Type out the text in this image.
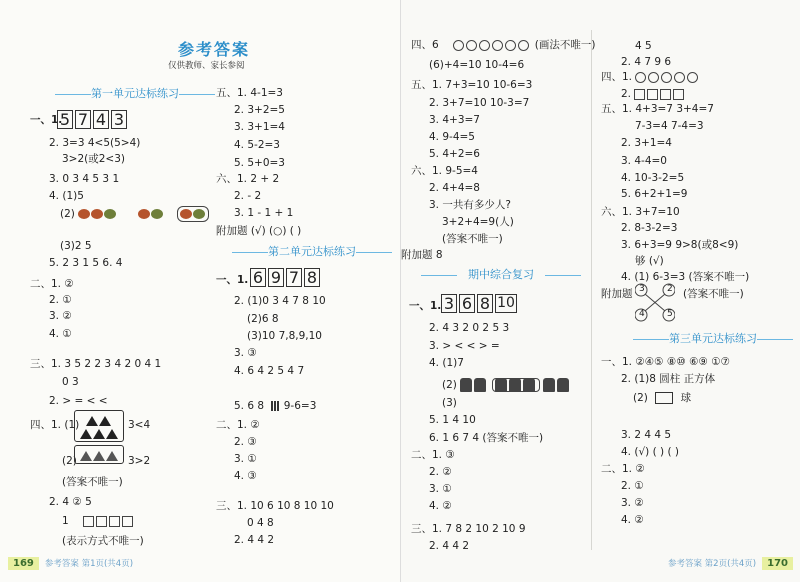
参考答案
仅供教师、家长参阅
第一单元达标练习
一、1.
5 7 4 3
2. 3=3 4<5(5>4)
3>2(或2<3)
3. 0 3 4 5 3 1
4. (1)5
(2)
(3)2 5
5. 2 3 1 5 6. 4
二、1. ②
2. ①
3. ②
4. ①
三、1. 3 5 2 2 3 4 2 0 4 1
0 3
2. > = < <
四、1. (1)	3<4
(2)	3>2
(答案不唯一)
2. 4 ② 5
1
(表示方式不唯一)
五、1. 4-1=3
2. 3+2=5
3. 3+1=4
4. 5-2=3
5. 5+0=3
六、1. 2 + 2
2. - 2
3. 1 - 1 + 1
附加题 (√) (○) ( )
第二单元达标练习
一、1. 6 9 7 8
2. (1)0 3 4 7 8 10
(2)6 8
(3)10 7,8,9,10
3. ③
4. 6 4 2 5 4 7
5. 6 8 9-6=3
二、1. ②
2. ③
3. ①
4. ③
三、1. 10 6 10 8 10 10
0 4 8
2. 4 4 2
169 参考答案 第1页(共4页)
四、6	(画法不唯一)
(6)+4=10 10-4=6
五、1. 7+3=10 10-6=3
2. 3+7=10 10-3=7
3. 4+3=7
4. 9-4=5
5. 4+2=6
六、1. 9-5=4
2. 4+4=8
3. 一共有多少人?
3+2+4=9(人)
(答案不唯一)
附加题 8
期中综合复习
一、1. 3 6 8 10
2. 4 3 2 0 2 5 3
3. > < < > =
4. (1)7
(2)
(3)
5. 1 4 10
6. 1 6 7 4 (答案不唯一)
二、1. ③
2. ②
3. ①
4. ②
三、1. 7 8 2 10 2 10 9
2. 4 4 2
4 5
2. 4 7 9 6
四、1.
2.
五、1. 4+3=7 3+4=7
7-3=4 7-4=3
2. 3+1=4
3. 4-4=0
4. 10-3-2=5
5. 6+2+1=9
六、1. 3+7=10
2. 8-3-2=3
3. 6+3=9 9>8(或8<9)
够 (√)
4. (1) 6-3=3 (答案不唯一)
附加题 3 2
4 5
(答案不唯一)
第三单元达标练习
一、1. ②④⑤ ⑧⑩ ⑥⑨ ①⑦
2. (1)8 圆柱 正方体
(2)	球
3. 2 4 4 5
4. (√) ( ) ( )
二、1. ②
2. ①
3. ②
4. ②
参考答案 第2页(共4页) 170
